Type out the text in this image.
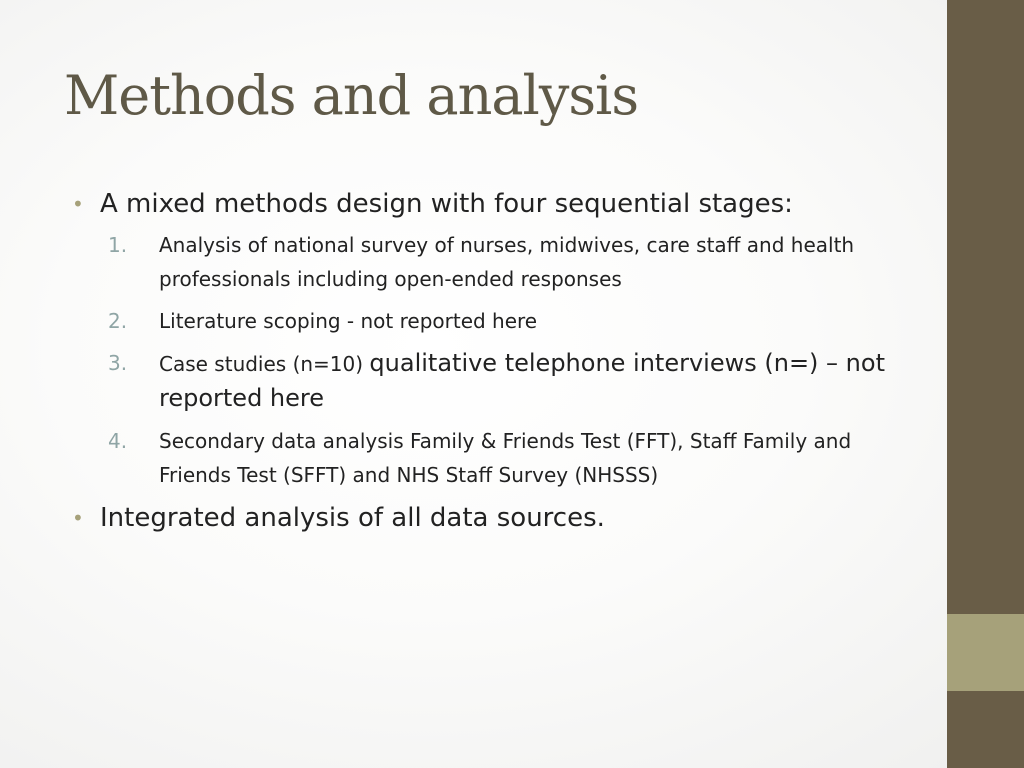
Methods and analysis
• A mixed methods design with four sequential stages:
1. Analysis of national survey of nurses, midwives, care staff and health professionals including open-ended responses
2. Literature scoping - not reported here
3. Case studies (n=10) qualitative telephone interviews (n=) – not reported here
4. Secondary data analysis Family & Friends Test (FFT), Staff Family and Friends Test (SFFT) and NHS Staff Survey (NHSSS)
• Integrated analysis of all data sources.
